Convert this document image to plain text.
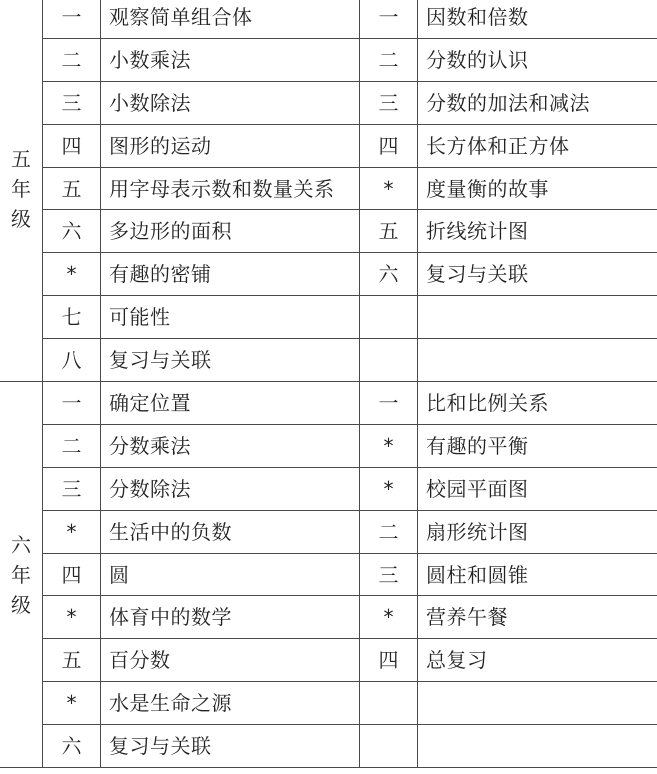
五年级	一	观察简单组合体	一	因数和倍数
	二	小数乘法	二	分数的认识
	三	小数除法	三	分数的加法和减法
	四	图形的运动	四	长方体和正方体
	五	用字母表示数和数量关系	*	度量衡的故事
	六	多边形的面积	五	折线统计图
	*	有趣的密铺	六	复习与关联
	七	可能性		
	八	复习与关联		
六年级	一	确定位置	一	比和比例关系
	二	分数乘法	*	有趣的平衡
	三	分数除法	*	校园平面图
	*	生活中的负数	二	扇形统计图
	四	圆	三	圆柱和圆锥
	*	体育中的数学	*	营养午餐
	五	百分数	四	总复习
	*	水是生命之源		
	六	复习与关联		
